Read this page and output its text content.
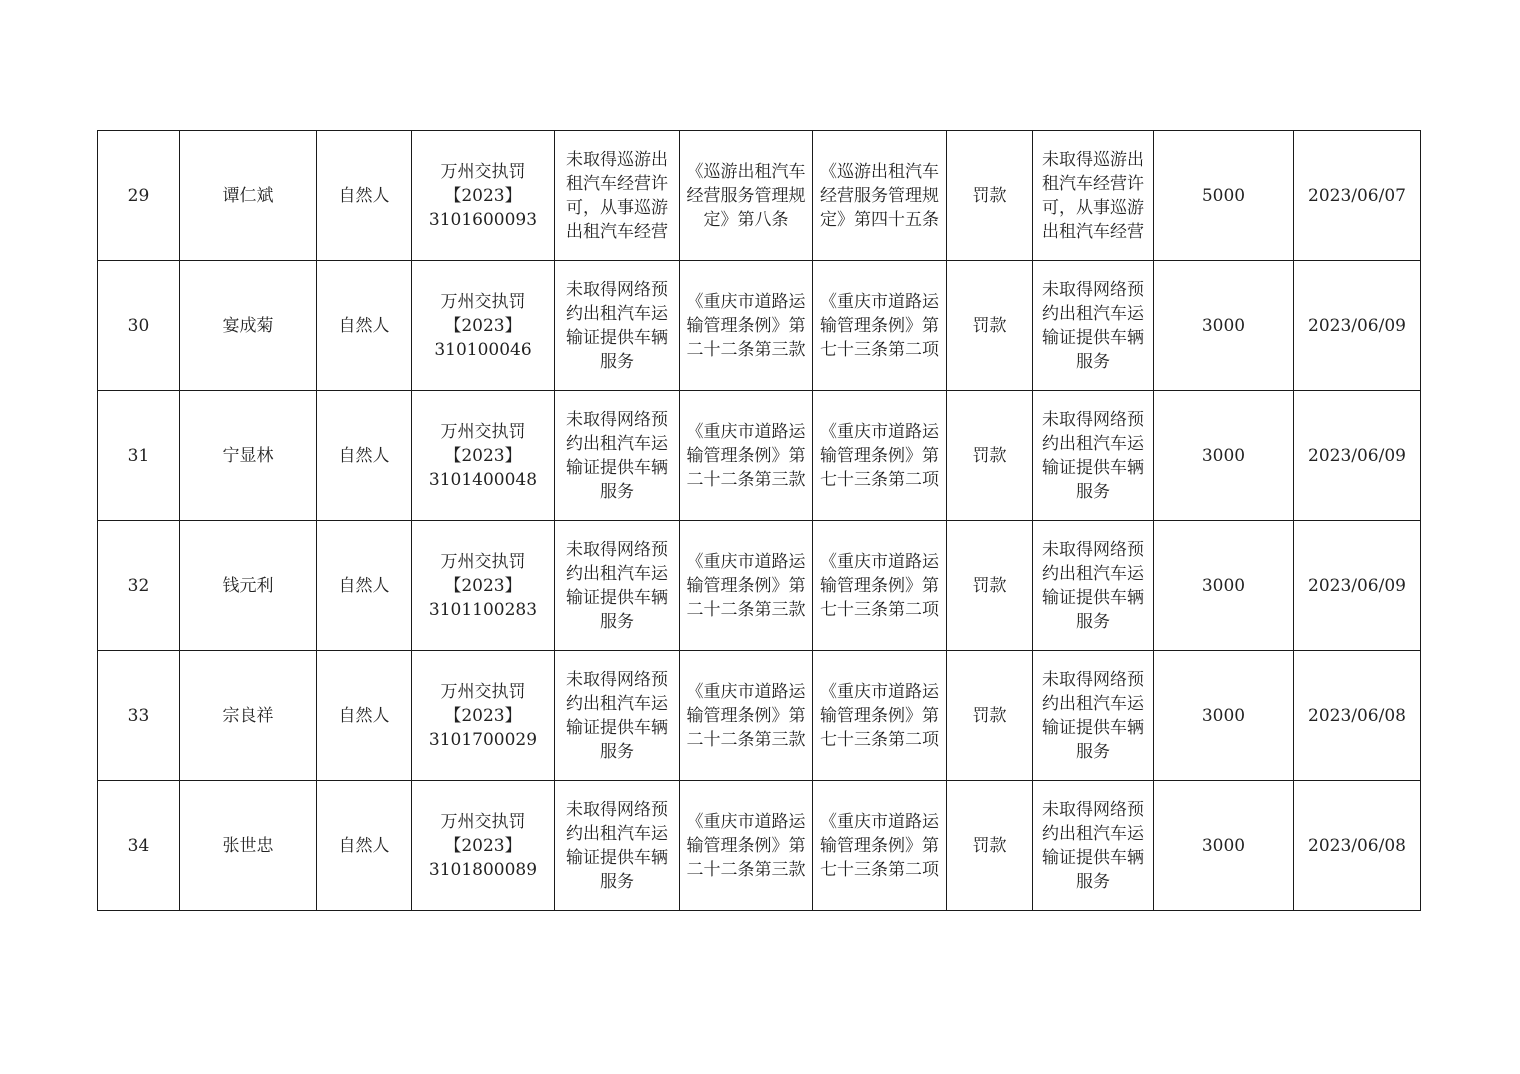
29	谭仁斌	自然人	万州交执罚
【2023】
3101600093	未取得巡游出租汽车经营许可，从事巡游出租汽车经营	《巡游出租汽车经营服务管理规定》第八条	《巡游出租汽车经营服务管理规定》第四十五条	罚款	未取得巡游出租汽车经营许可，从事巡游出租汽车经营	5000	2023/06/07
30	宴成菊	自然人	万州交执罚
【2023】
310100046	未取得网络预约出租汽车运输证提供车辆服务	《重庆市道路运输管理条例》第二十二条第三款	《重庆市道路运输管理条例》第七十三条第二项	罚款	未取得网络预约出租汽车运输证提供车辆服务	3000	2023/06/09
31	宁显林	自然人	万州交执罚
【2023】
3101400048	未取得网络预约出租汽车运输证提供车辆服务	《重庆市道路运输管理条例》第二十二条第三款	《重庆市道路运输管理条例》第七十三条第二项	罚款	未取得网络预约出租汽车运输证提供车辆服务	3000	2023/06/09
32	钱元利	自然人	万州交执罚
【2023】
3101100283	未取得网络预约出租汽车运输证提供车辆服务	《重庆市道路运输管理条例》第二十二条第三款	《重庆市道路运输管理条例》第七十三条第二项	罚款	未取得网络预约出租汽车运输证提供车辆服务	3000	2023/06/09
33	宗良祥	自然人	万州交执罚
【2023】
3101700029	未取得网络预约出租汽车运输证提供车辆服务	《重庆市道路运输管理条例》第二十二条第三款	《重庆市道路运输管理条例》第七十三条第二项	罚款	未取得网络预约出租汽车运输证提供车辆服务	3000	2023/06/08
34	张世忠	自然人	万州交执罚
【2023】
3101800089	未取得网络预约出租汽车运输证提供车辆服务	《重庆市道路运输管理条例》第二十二条第三款	《重庆市道路运输管理条例》第七十三条第二项	罚款	未取得网络预约出租汽车运输证提供车辆服务	3000	2023/06/08
